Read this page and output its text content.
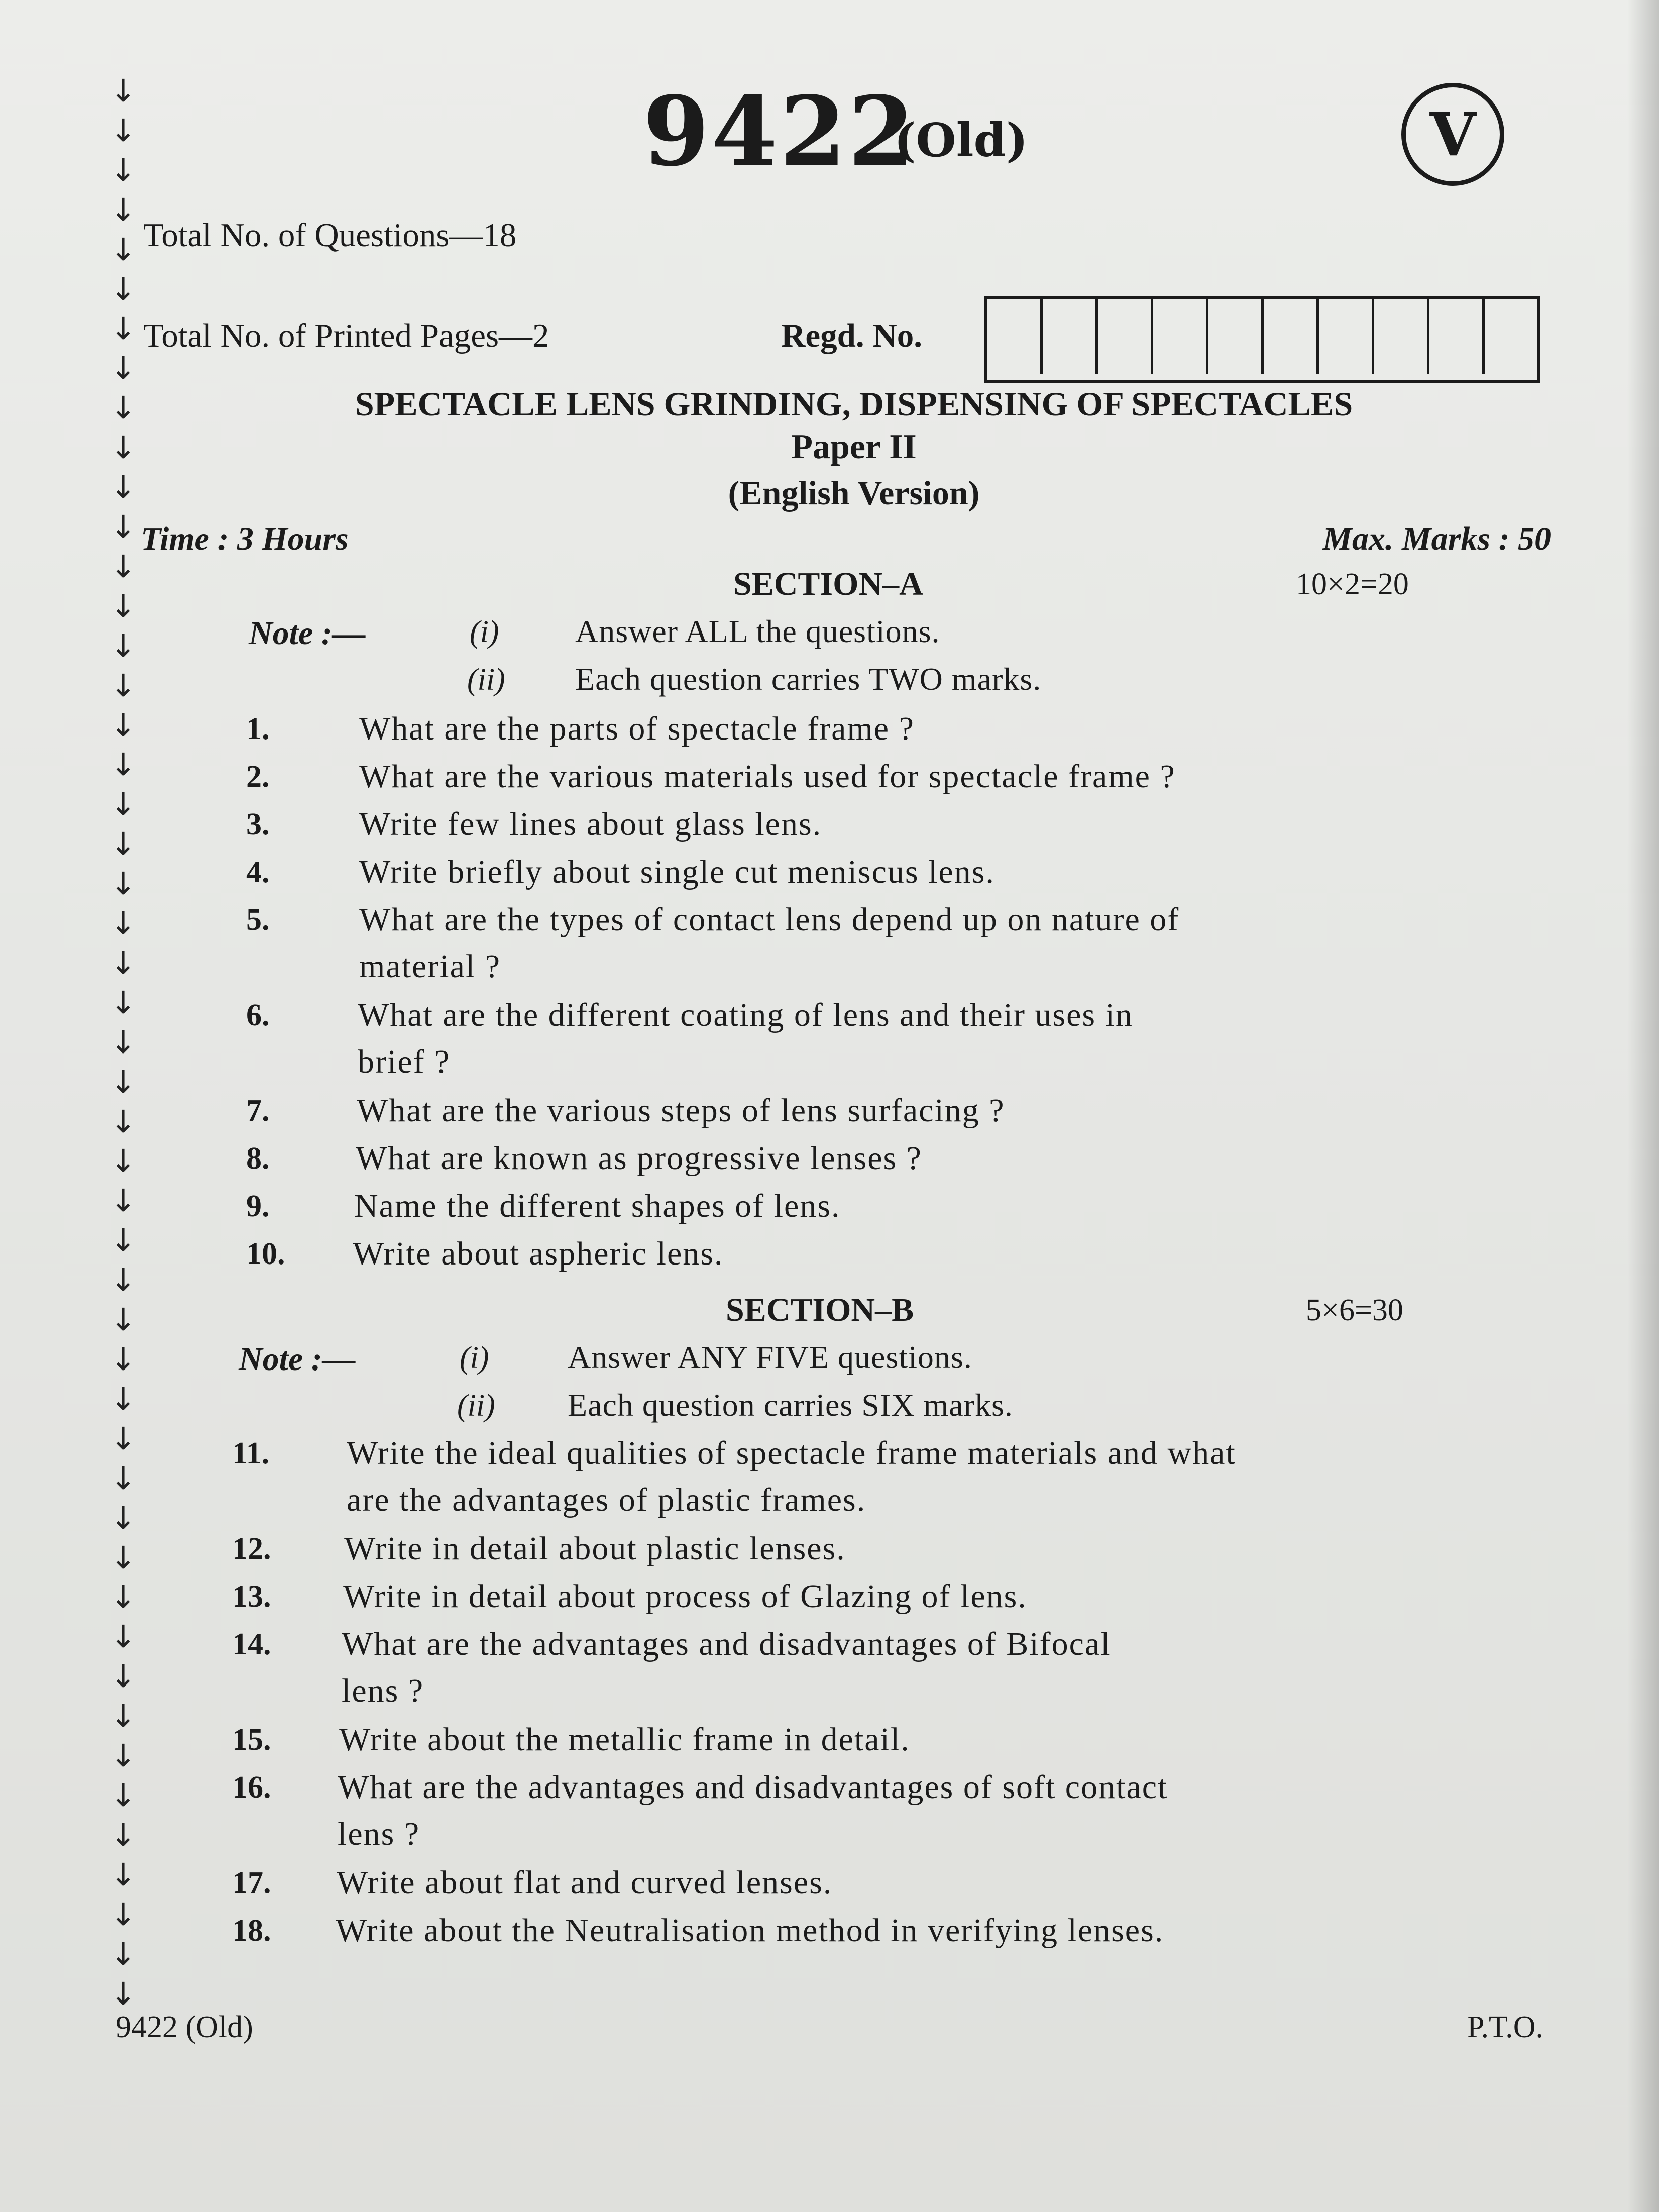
↓
↓
↓
↓
↓
↓
↓
↓
↓
↓
↓
↓
↓
↓
↓
↓
↓
↓
↓
↓
↓
↓
↓
↓
↓
↓
↓
↓
↓
↓
↓
↓
↓
↓
↓
↓
↓
↓
↓
↓
↓
↓
↓
↓
↓
↓
↓
↓
↓
9422
(Old)	V
Total No. of Questions—18
Total No. of Printed Pages—2	Regd. No.
SPECTACLE LENS GRINDING, DISPENSING OF SPECTACLES
Paper II
(English Version)
Time : 3 Hours	Max. Marks : 50
SECTION–A	10×2=20
Note :—	(i) Answer ALL the questions.
(ii) Each question carries TWO marks.
1.	What are the parts of spectacle frame ?
2.	What are the various materials used for spectacle frame ?
3.	Write few lines about glass lens.
4.	Write briefly about single cut meniscus lens.
5.	What are the types of contact lens depend up on nature of
material ?
6.	What are the different coating of lens and their uses in
brief ?
7.	What are the various steps of lens surfacing ?
8.	What are known as progressive lenses ?
9.	Name the different shapes of lens.
10. Write about aspheric lens.
SECTION–B	5×6=30
Note :—	(i) Answer ANY FIVE questions.
(ii) Each question carries SIX marks.
11. Write the ideal qualities of spectacle frame materials and what
are the advantages of plastic frames.
12. Write in detail about plastic lenses.
13. Write in detail about process of Glazing of lens.
14. What are the advantages and disadvantages of Bifocal
lens ?
15. Write about the metallic frame in detail.
16. What are the advantages and disadvantages of soft contact
lens ?
17. Write about flat and curved lenses.
18. Write about the Neutralisation method in verifying lenses.
9422 (Old)	P.T.O.
